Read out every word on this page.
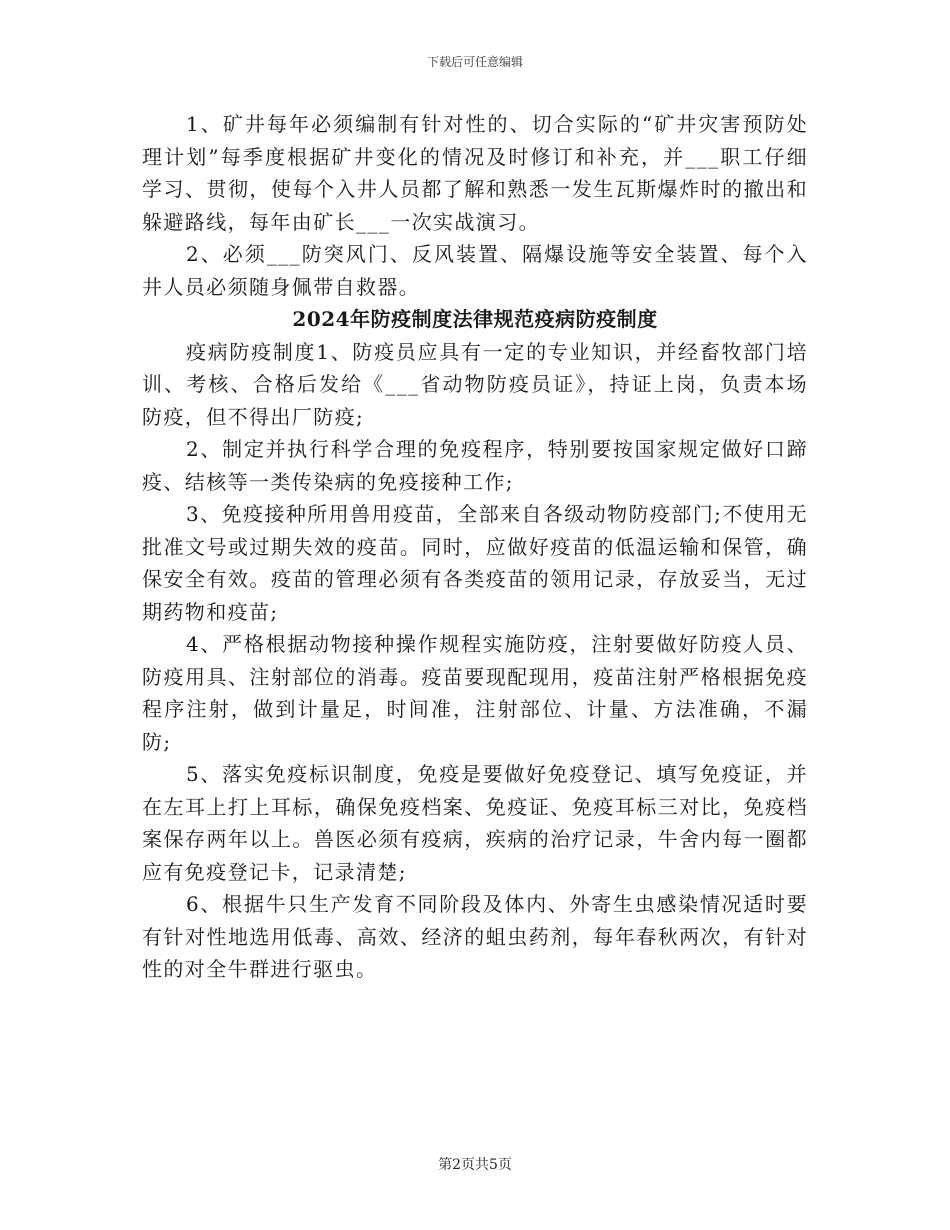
下载后可任意编辑

1、矿井每年必须编制有针对性的、切合实际的“矿井灾害预防处理计划”每季度根据矿井变化的情况及时修订和补充，并___职工仔细学习、贯彻，使每个入井人员都了解和熟悉一发生瓦斯爆炸时的撤出和躲避路线，每年由矿长___一次实战演习。

2、必须___防突风门、反风装置、隔爆设施等安全装置、每个入井人员必须随身佩带自救器。

2024年防疫制度法律规范疫病防疫制度

疫病防疫制度1、防疫员应具有一定的专业知识，并经畜牧部门培训、考核、合格后发给《___省动物防疫员证》，持证上岗，负责本场防疫，但不得出厂防疫;

2、制定并执行科学合理的免疫程序，特别要按国家规定做好口蹄疫、结核等一类传染病的免疫接种工作;

3、免疫接种所用兽用疫苗，全部来自各级动物防疫部门;不使用无批准文号或过期失效的疫苗。同时，应做好疫苗的低温运输和保管，确保安全有效。疫苗的管理必须有各类疫苗的领用记录，存放妥当，无过期药物和疫苗;

4、严格根据动物接种操作规程实施防疫，注射要做好防疫人员、防疫用具、注射部位的消毒。疫苗要现配现用，疫苗注射严格根据免疫程序注射，做到计量足，时间准，注射部位、计量、方法准确，不漏防;

5、落实免疫标识制度，免疫是要做好免疫登记、填写免疫证，并在左耳上打上耳标，确保免疫档案、免疫证、免疫耳标三对比，免疫档案保存两年以上。兽医必须有疫病，疾病的治疗记录，牛舍内每一圈都应有免疫登记卡，记录清楚;

6、根据牛只生产发育不同阶段及体内、外寄生虫感染情况适时要有针对性地选用低毒、高效、经济的蛆虫药剂，每年春秋两次，有针对性的对全牛群进行驱虫。

第2页共5页
